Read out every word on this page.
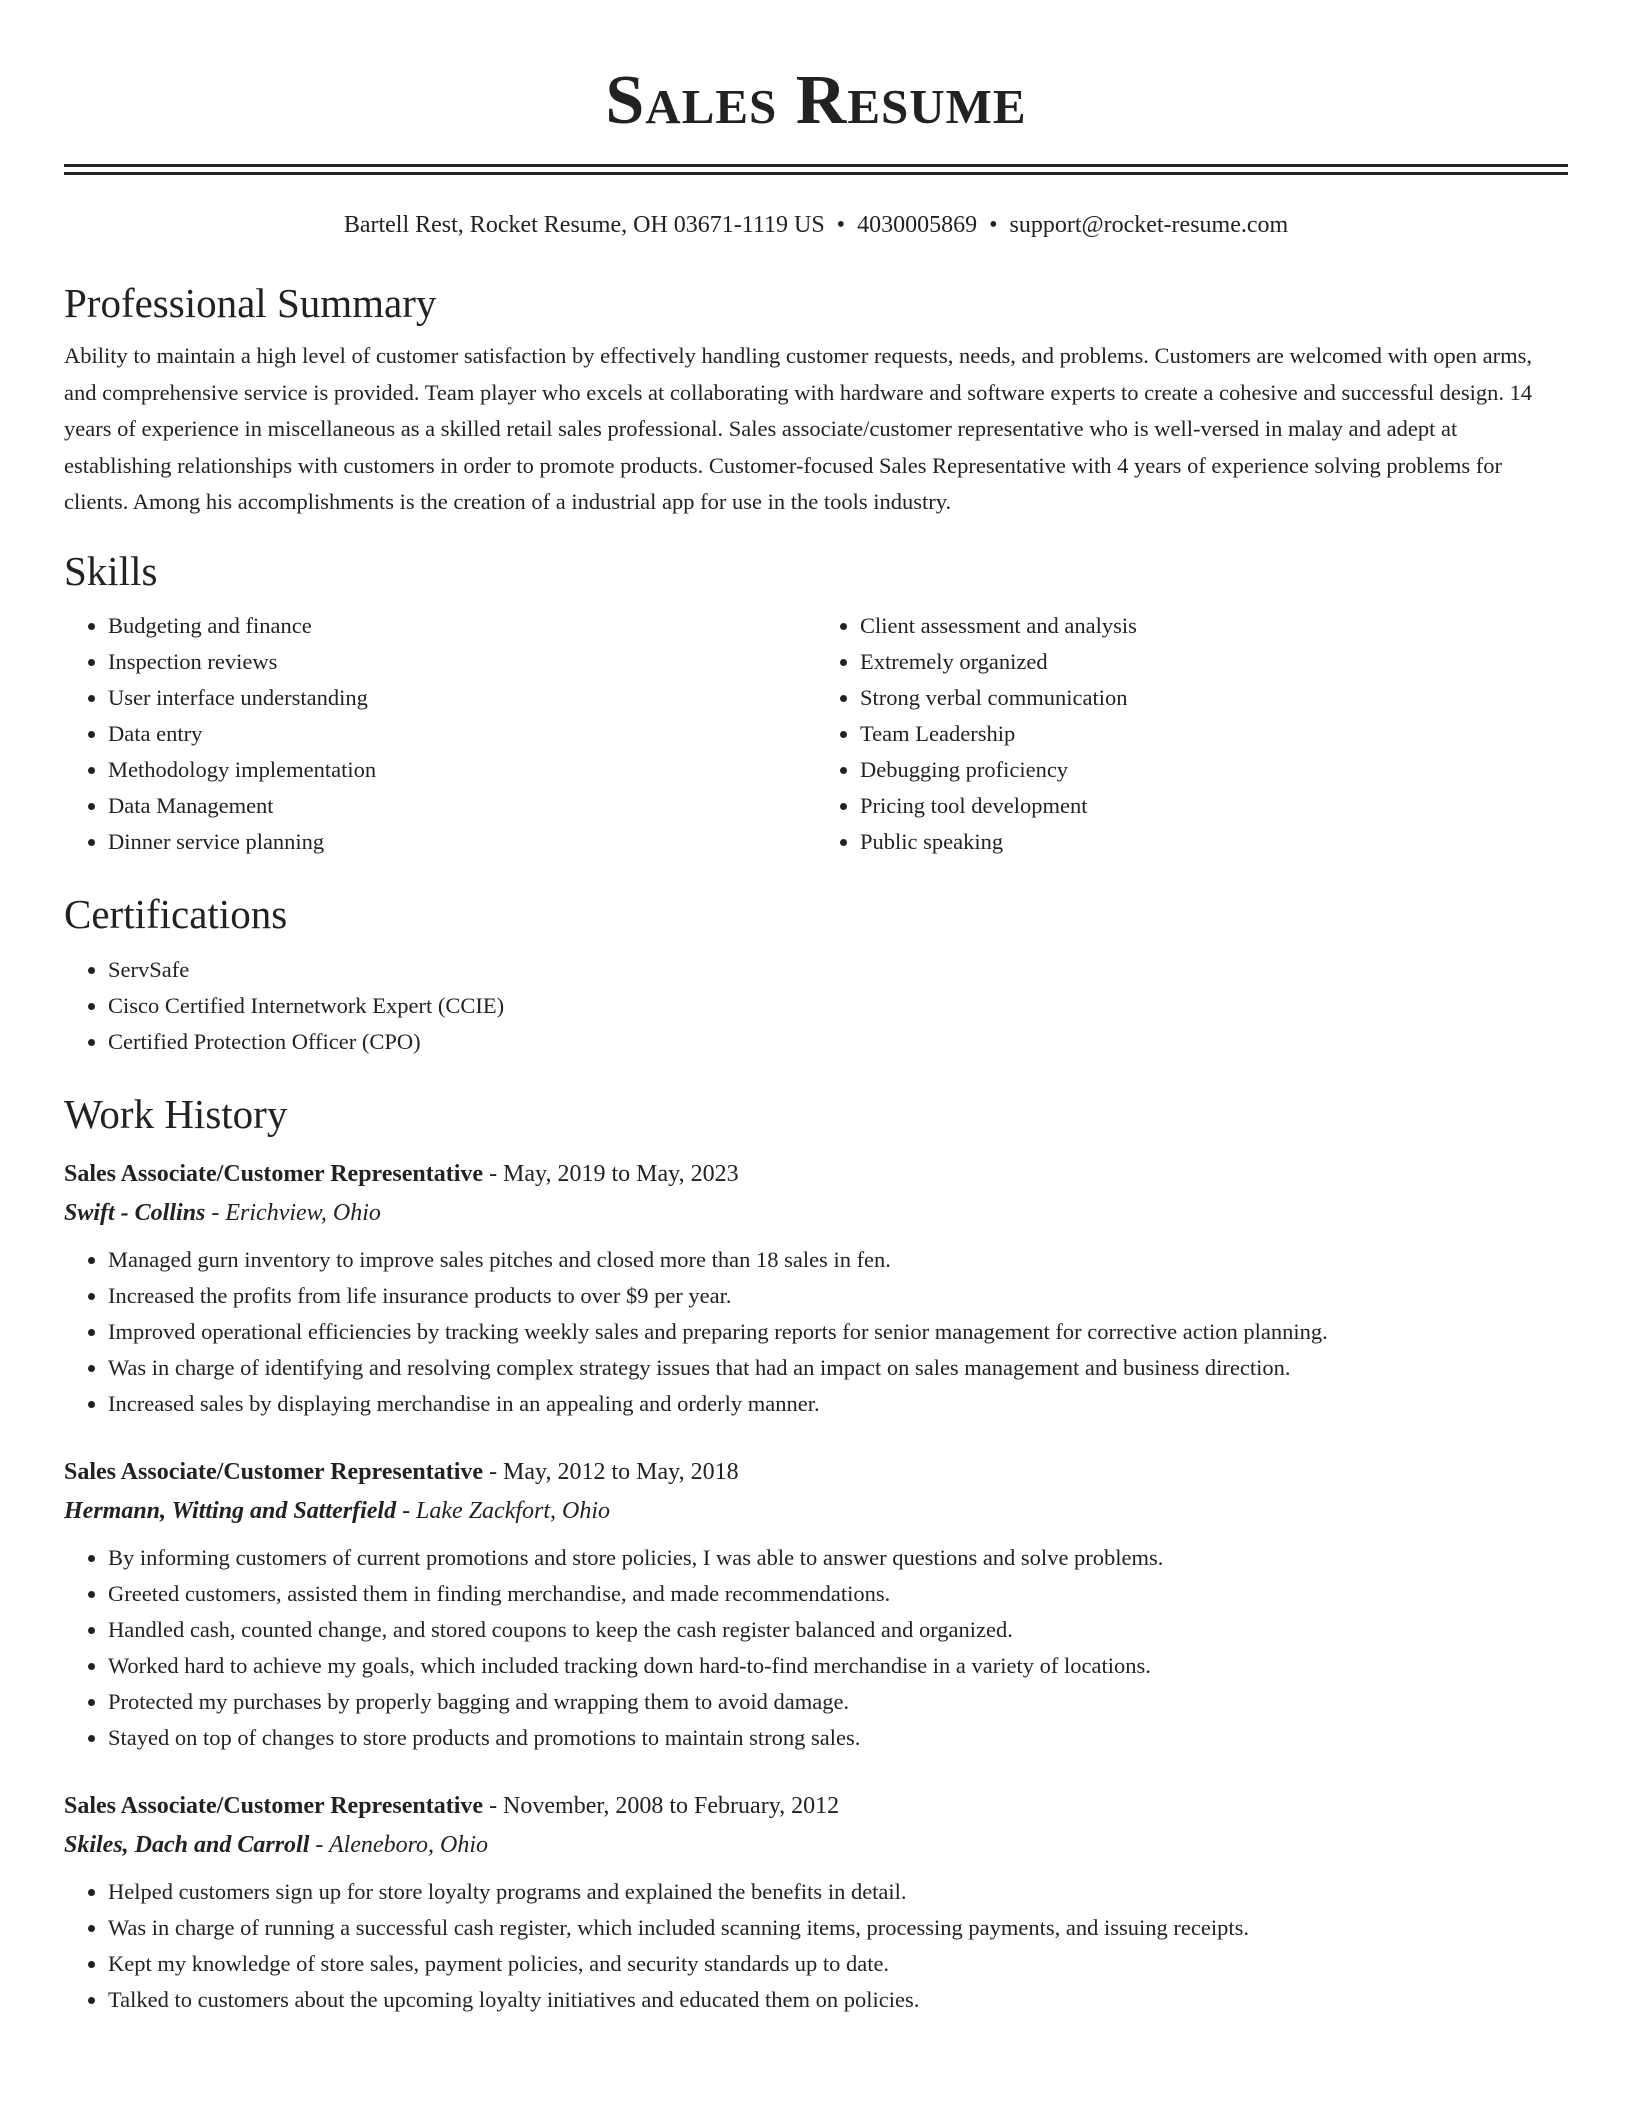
Sales Resume
Bartell Rest, Rocket Resume, OH 03671-1119 US • 4030005869 • support@rocket-resume.com
Professional Summary

Ability to maintain a high level of customer satisfaction by effectively handling customer requests, needs, and problems. Customers are welcomed with open arms, and comprehensive service is provided. Team player who excels at collaborating with hardware and software experts to create a cohesive and successful design. 14 years of experience in miscellaneous as a skilled retail sales professional. Sales associate/customer representative who is well-versed in malay and adept at establishing relationships with customers in order to promote products. Customer-focused Sales Representative with 4 years of experience solving problems for clients. Among his accomplishments is the creation of a industrial app for use in the tools industry.

Skills
• Budgeting and finance
• Inspection reviews
• User interface understanding
• Data entry
• Methodology implementation
• Data Management
• Dinner service planning
• Client assessment and analysis
• Extremely organized
• Strong verbal communication
• Team Leadership
• Debugging proficiency
• Pricing tool development
• Public speaking
Certifications
• ServSafe
• Cisco Certified Internetwork Expert (CCIE)
• Certified Protection Officer (CPO)
Work History
Sales Associate/Customer Representative - May, 2019 to May, 2023
Swift - Collins - Erichview, Ohio
• Managed gurn inventory to improve sales pitches and closed more than 18 sales in fen.
• Increased the profits from life insurance products to over $9 per year.
• Improved operational efficiencies by tracking weekly sales and preparing reports for senior management for corrective action planning.
• Was in charge of identifying and resolving complex strategy issues that had an impact on sales management and business direction.
• Increased sales by displaying merchandise in an appealing and orderly manner.
Sales Associate/Customer Representative - May, 2012 to May, 2018
Hermann, Witting and Satterfield - Lake Zackfort, Ohio
• By informing customers of current promotions and store policies, I was able to answer questions and solve problems.
• Greeted customers, assisted them in finding merchandise, and made recommendations.
• Handled cash, counted change, and stored coupons to keep the cash register balanced and organized.
• Worked hard to achieve my goals, which included tracking down hard-to-find merchandise in a variety of locations.
• Protected my purchases by properly bagging and wrapping them to avoid damage.
• Stayed on top of changes to store products and promotions to maintain strong sales.
Sales Associate/Customer Representative - November, 2008 to February, 2012
Skiles, Dach and Carroll - Aleneboro, Ohio
• Helped customers sign up for store loyalty programs and explained the benefits in detail.
• Was in charge of running a successful cash register, which included scanning items, processing payments, and issuing receipts.
• Kept my knowledge of store sales, payment policies, and security standards up to date.
• Talked to customers about the upcoming loyalty initiatives and educated them on policies.
